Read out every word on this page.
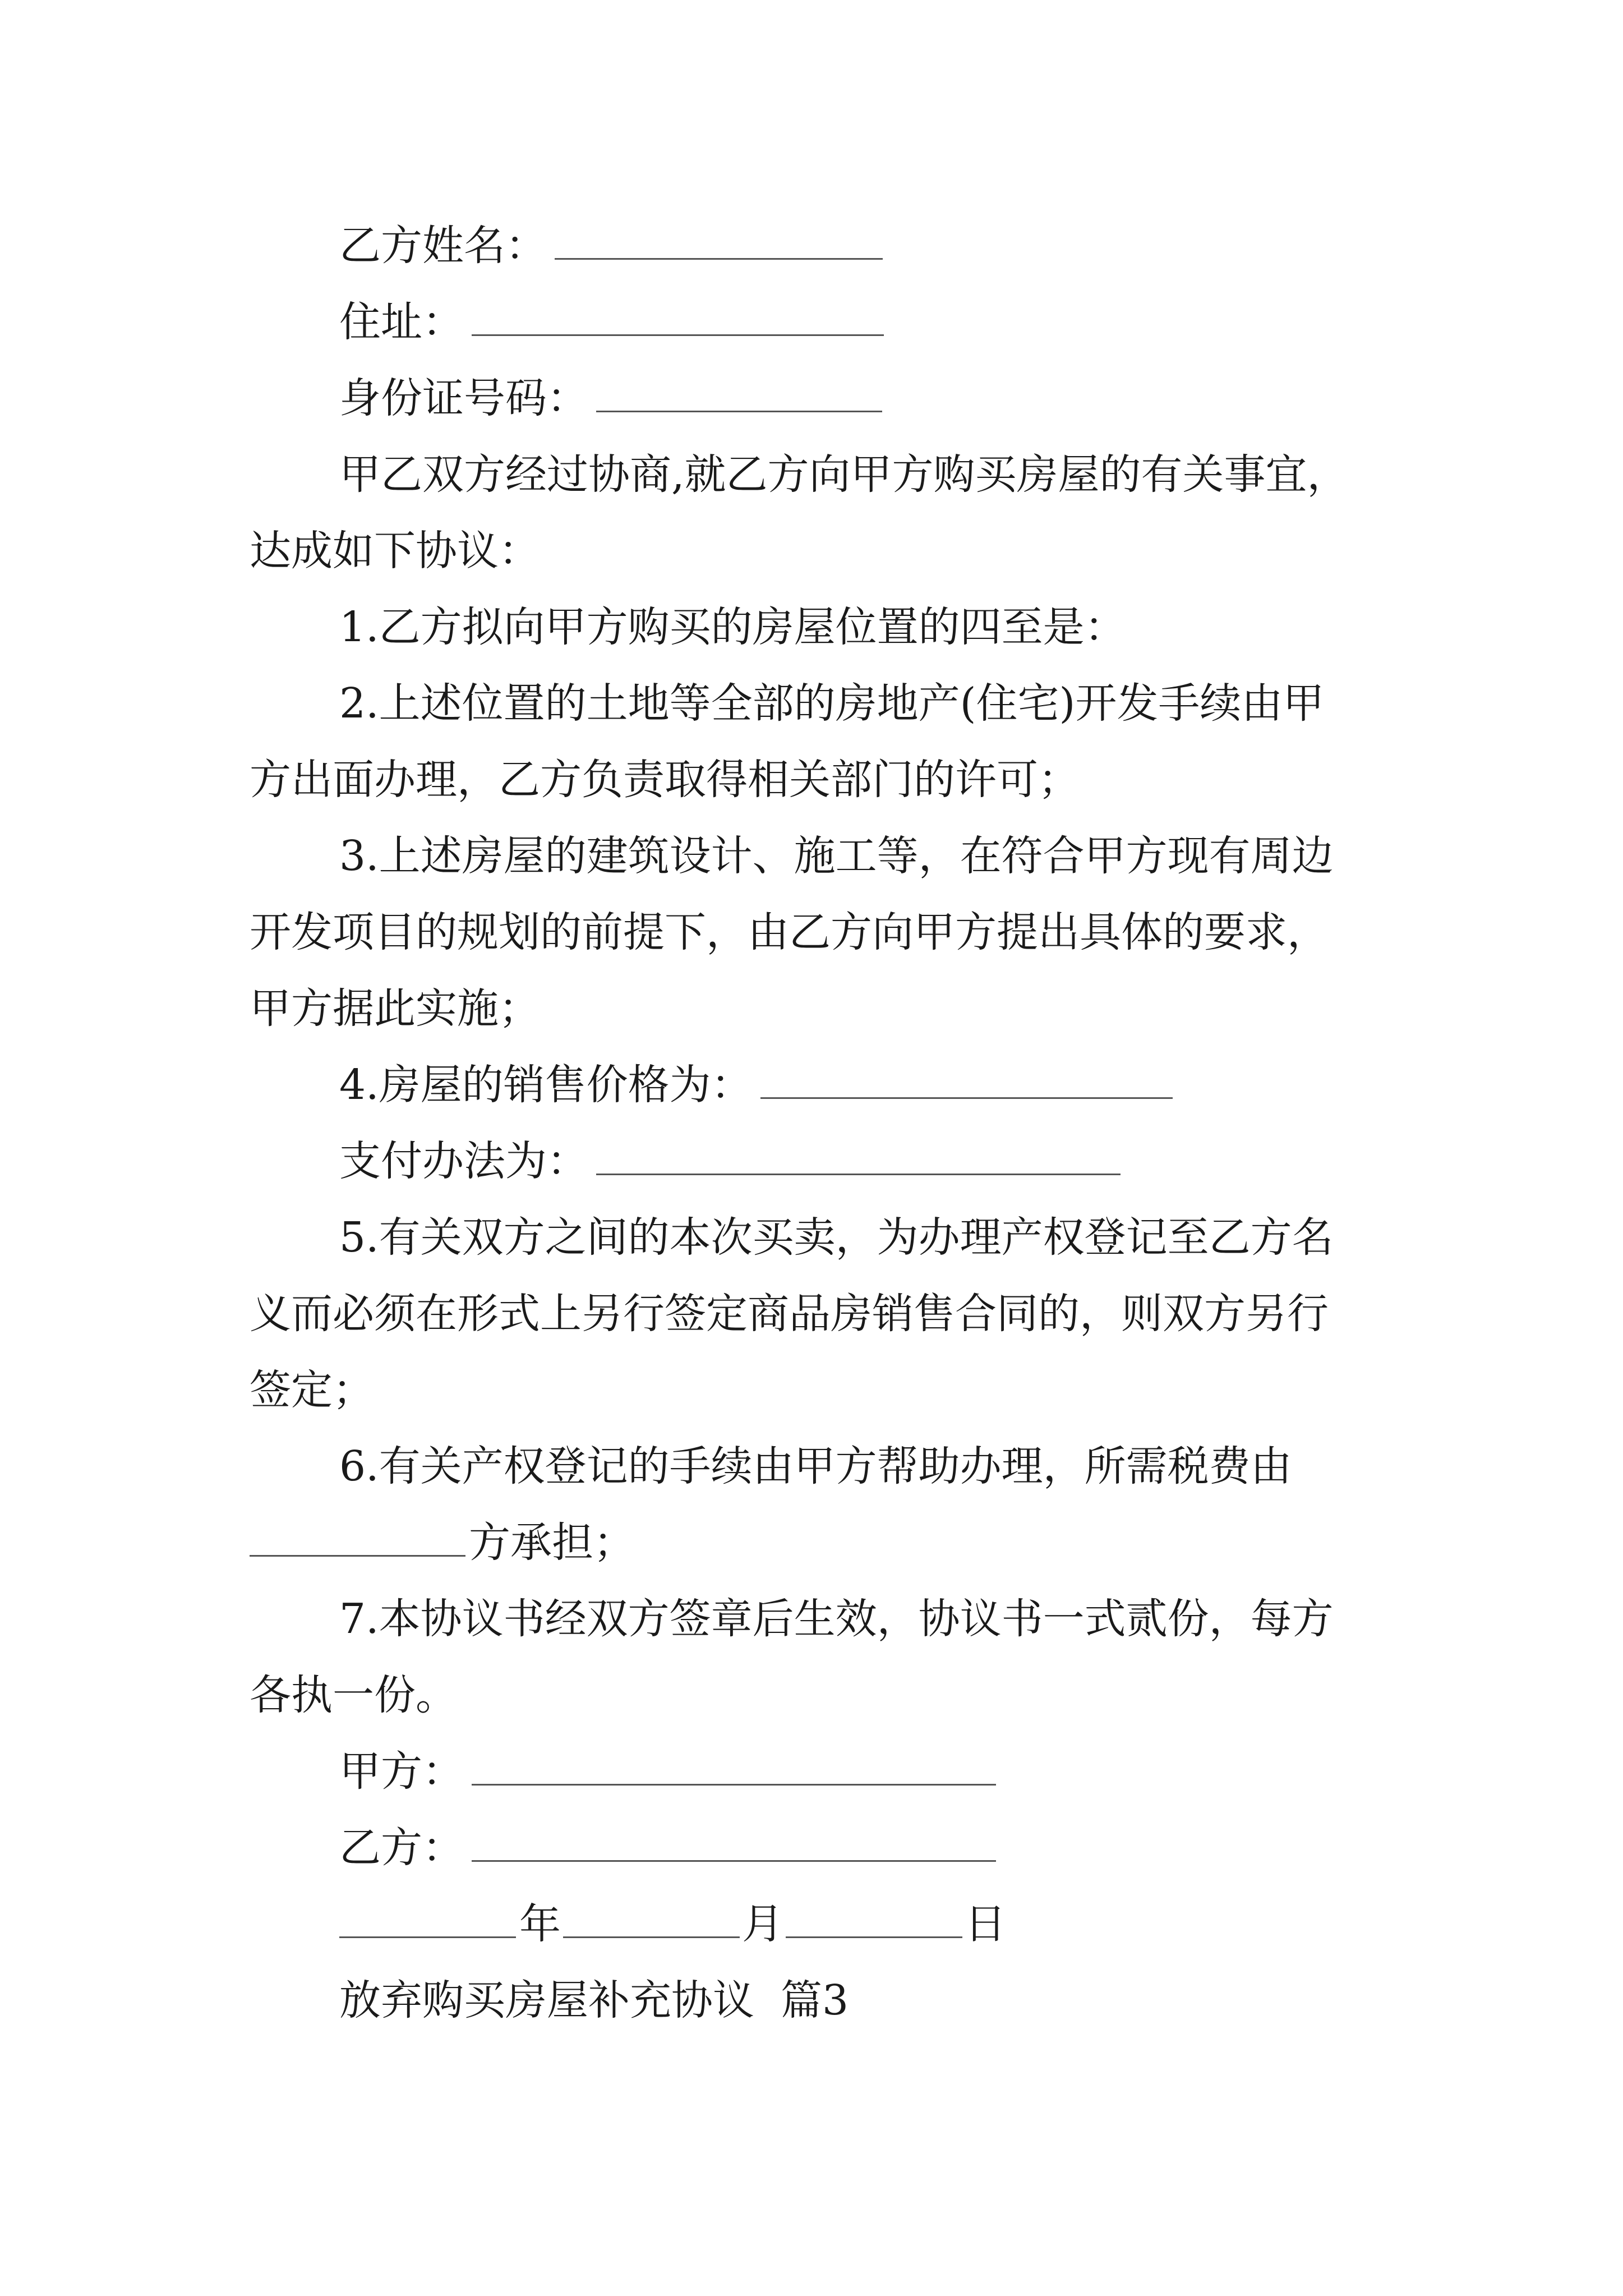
乙方姓名：
住址：
身份证号码：
甲乙双方经过协商,就乙方向甲方购买房屋的有关事宜，
达成如下协议：
1.乙方拟向甲方购买的房屋位置的四至是：
2.上述位置的土地等全部的房地产(住宅)开发手续由甲
方出面办理，乙方负责取得相关部门的许可；
3.上述房屋的建筑设计、施工等，在符合甲方现有周边
开发项目的规划的前提下，由乙方向甲方提出具体的要求，
甲方据此实施；
4.房屋的销售价格为：
支付办法为：
5.有关双方之间的本次买卖，为办理产权登记至乙方名
义而必须在形式上另行签定商品房销售合同的，则双方另行
签定；
6.有关产权登记的手续由甲方帮助办理，所需税费由
方承担；
7.本协议书经双方签章后生效，协议书一式贰份，每方
各执一份。
甲方：
乙方：
年	月	日
放弃购买房屋补充协议  篇3
